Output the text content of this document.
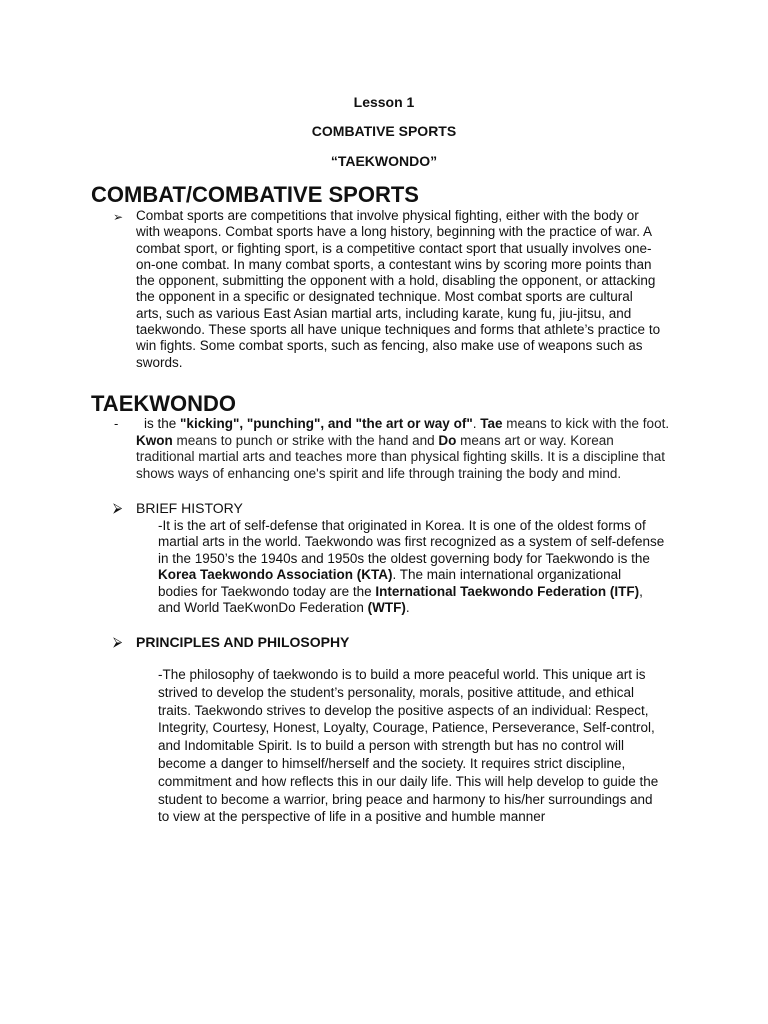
Lesson 1
COMBATIVE SPORTS
“TAEKWONDO”
COMBAT/COMBATIVE SPORTS
➢ Combat sports are competitions that involve physical fighting, either with the body or
with weapons. Combat sports have a long history, beginning with the practice of war. A
combat sport, or fighting sport, is a competitive contact sport that usually involves one-
on-one combat. In many combat sports, a contestant wins by scoring more points than
the opponent, submitting the opponent with a hold, disabling the opponent, or attacking
the opponent in a specific or designated technique. Most combat sports are cultural
arts, such as various East Asian martial arts, including karate, kung fu, jiu-jitsu, and
taekwondo. These sports all have unique techniques and forms that athlete’s practice to
win fights. Some combat sports, such as fencing, also make use of weapons such as
swords.
TAEKWONDO
-	is the "kicking", "punching", and "the art or way of". Tae means to kick with the foot.
Kwon means to punch or strike with the hand and Do means art or way. Korean
traditional martial arts and teaches more than physical fighting skills. It is a discipline that
shows ways of enhancing one's spirit and life through training the body and mind.
⮚ BRIEF HISTORY
-It is the art of self-defense that originated in Korea. It is one of the oldest forms of
martial arts in the world. Taekwondo was first recognized as a system of self-defense
in the 1950’s the 1940s and 1950s the oldest governing body for Taekwondo is the
Korea Taekwondo Association (KTA). The main international organizational
bodies for Taekwondo today are the International Taekwondo Federation (ITF),
and World TaeKwonDo Federation (WTF).
⮚ PRINCIPLES AND PHILOSOPHY
-The philosophy of taekwondo is to build a more peaceful world. This unique art is
strived to develop the student’s personality, morals, positive attitude, and ethical
traits. Taekwondo strives to develop the positive aspects of an individual: Respect,
Integrity, Courtesy, Honest, Loyalty, Courage, Patience, Perseverance, Self-control,
and Indomitable Spirit. Is to build a person with strength but has no control will
become a danger to himself/herself and the society. It requires strict discipline,
commitment and how reflects this in our daily life. This will help develop to guide the
student to become a warrior, bring peace and harmony to his/her surroundings and
to view at the perspective of life in a positive and humble manner
